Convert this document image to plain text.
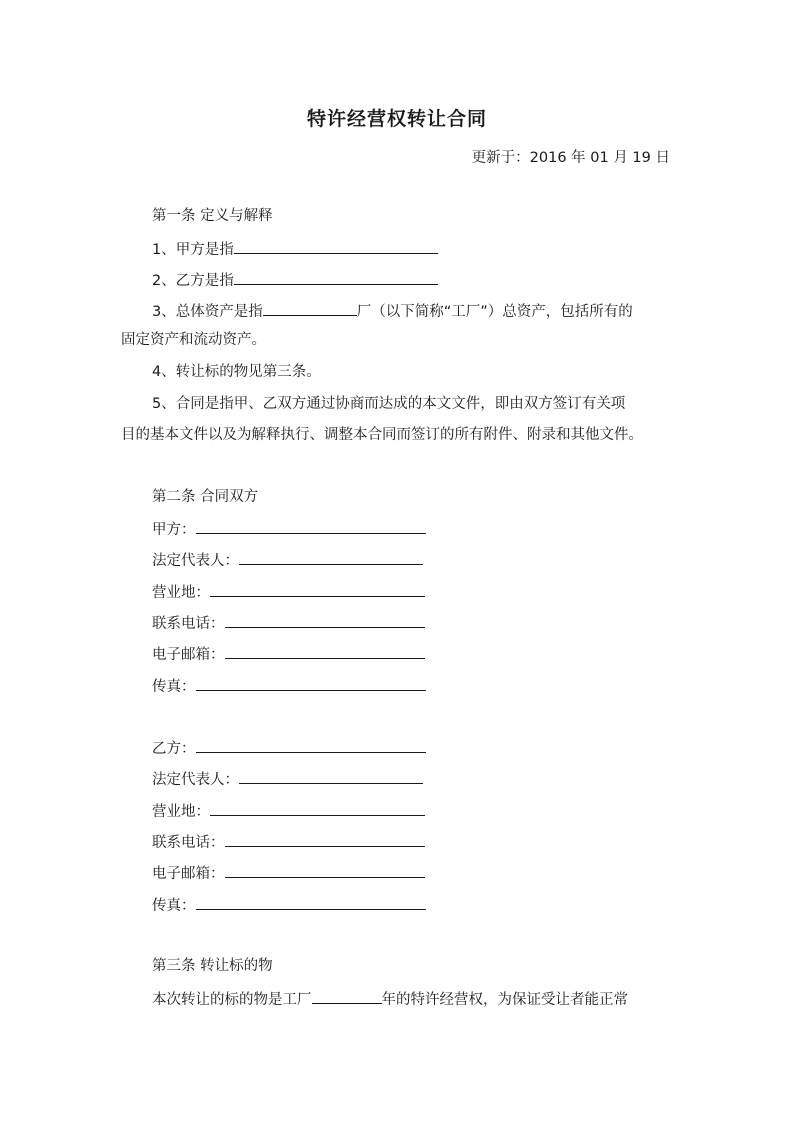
特许经营权转让合同
更新于：2016 年 01 月 19 日
第一条 定义与解释
1、甲方是指
2、乙方是指
3、总体资产是指	厂（以下简称“工厂”）总资产，包括所有的
固定资产和流动资产。
4、转让标的物见第三条。
5、合同是指甲、乙双方通过协商而达成的本文文件，即由双方签订有关项
目的基本文件以及为解释执行、调整本合同而签订的所有附件、附录和其他文件。
第二条 合同双方
甲方：
法定代表人：
营业地：
联系电话：
电子邮箱：
传真：
乙方：
法定代表人：
营业地：
联系电话：
电子邮箱：
传真：
第三条 转让标的物
本次转让的标的物是工厂	年的特许经营权，为保证受让者能正常
